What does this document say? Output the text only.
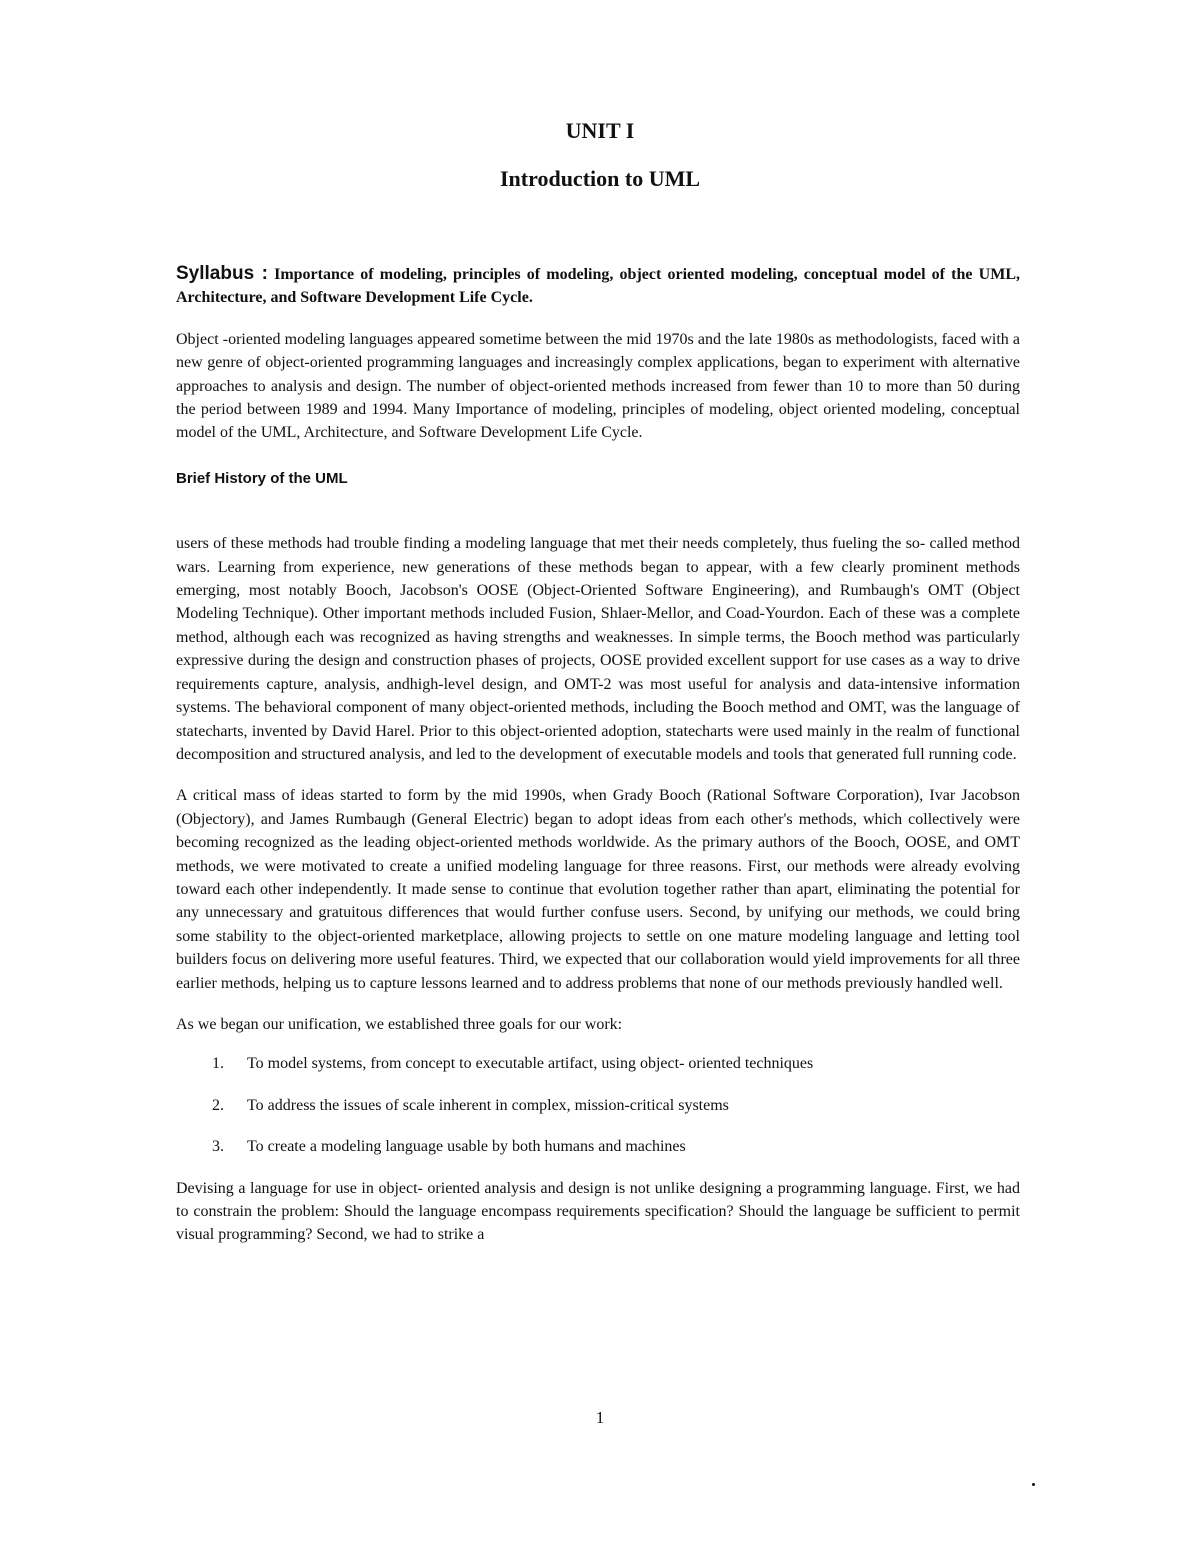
UNIT I
Introduction to UML

Syllabus : Importance of modeling, principles of modeling, object oriented modeling, conceptual model of the UML, Architecture, and Software Development Life Cycle.

Object -oriented modeling languages appeared sometime between the mid 1970s and the late 1980s as methodologists, faced with a new genre of object-oriented programming languages and increasingly complex applications, began to experiment with alternative approaches to analysis and design. The number of object-oriented methods increased from fewer than 10 to more than 50 during the period between 1989 and 1994. Many Importance of modeling, principles of modeling, object oriented modeling, conceptual model of the UML, Architecture, and Software Development Life Cycle.

Brief History of the UML

users of these methods had trouble finding a modeling language that met their needs completely, thus fueling the so- called method wars. Learning from experience, new generations of these methods began to appear, with a few clearly prominent methods emerging, most notably Booch, Jacobson's OOSE (Object-Oriented Software Engineering), and Rumbaugh's OMT (Object Modeling Technique). Other important methods included Fusion, Shlaer-Mellor, and Coad-Yourdon. Each of these was a complete method, although each was recognized as having strengths and weaknesses. In simple terms, the Booch method was particularly expressive during the design and construction phases of projects, OOSE provided excellent support for use cases as a way to drive requirements capture, analysis, andhigh-level design, and OMT-2 was most useful for analysis and data-intensive information systems. The behavioral component of many object-oriented methods, including the Booch method and OMT, was the language of statecharts, invented by David Harel. Prior to this object-oriented adoption, statecharts were used mainly in the realm of functional decomposition and structured analysis, and led to the development of executable models and tools that generated full running code.

A critical mass of ideas started to form by the mid 1990s, when Grady Booch (Rational Software Corporation), Ivar Jacobson (Objectory), and James Rumbaugh (General Electric) began to adopt ideas from each other's methods, which collectively were becoming recognized as the leading object-oriented methods worldwide. As the primary authors of the Booch, OOSE, and OMT methods, we were motivated to create a unified modeling language for three reasons. First, our methods were already evolving toward each other independently. It made sense to continue that evolution together rather than apart, eliminating the potential for any unnecessary and gratuitous differences that would further confuse users. Second, by unifying our methods, we could bring some stability to the object-oriented marketplace, allowing projects to settle on one mature modeling language and letting tool builders focus on delivering more useful features. Third, we expected that our collaboration would yield improvements for all three earlier methods, helping us to capture lessons learned and to address problems that none of our methods previously handled well.

As we began our unification, we established three goals for our work:

1.	To model systems, from concept to executable artifact, using object- oriented techniques
2.	To address the issues of scale inherent in complex, mission-critical systems
3.	To create a modeling language usable by both humans and machines

Devising a language for use in object- oriented analysis and design is not unlike designing a programming language. First, we had to constrain the problem: Should the language encompass requirements specification? Should the language be sufficient to permit visual programming? Second, we had to strike a

1
